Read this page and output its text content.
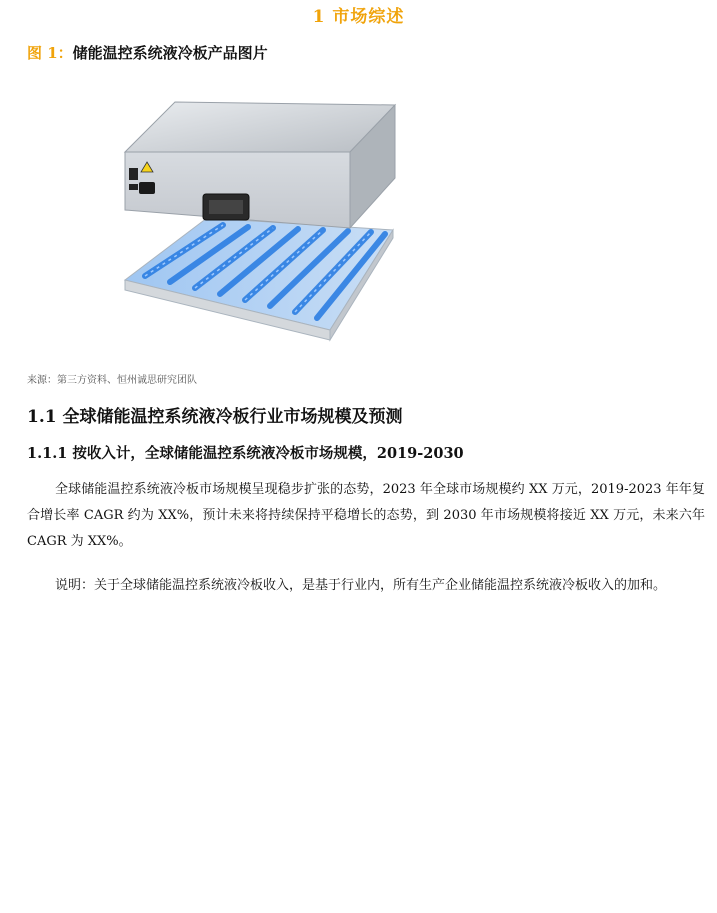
1 市场综述
图 1：储能温控系统液冷板产品图片
来源：第三方资料、恒州诚思研究团队
1.1 全球储能温控系统液冷板行业市场规模及预测
1.1.1 按收入计，全球储能温控系统液冷板市场规模，2019-2030
全球储能温控系统液冷板市场规模呈现稳步扩张的态势，2023 年全球市场规模约 XX 万元，2019-2023 年年复合增长率 CAGR 约为 XX%，预计未来将持续保持平稳增长的态势，到 2030 年市场规模将接近 XX 万元，未来六年 CAGR 为 XX%。
说明：关于全球储能温控系统液冷板收入，是基于行业内，所有生产企业储能温控系统液冷板收入的加和。
